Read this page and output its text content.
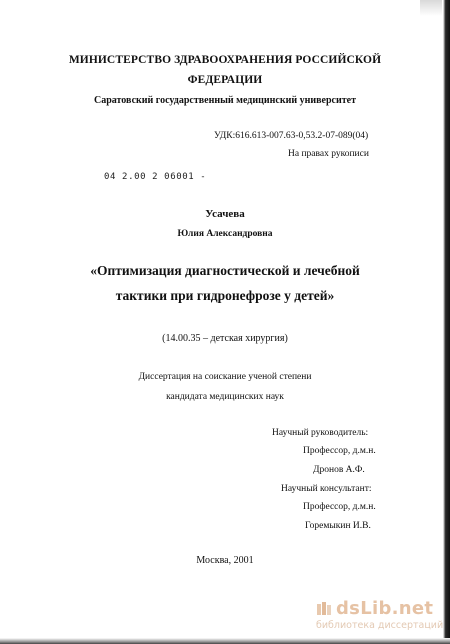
МИНИСТЕРСТВО ЗДРАВООХРАНЕНИЯ РОССИЙСКОЙ
ФЕДЕРАЦИИ
Саратовский государственный медицинский университет
УДК:616.613-007.63-0,53.2-07-089(04)
На правах рукописи
04 2.00 2 06001 -
Усачева
Юлия Александровна
«Оптимизация диагностической и лечебной
тактики при гидронефрозе у детей»
(14.00.35 – детская хирургия)
Диссертация на соискание ученой степени
кандидата медицинских наук
Научный руководитель:
Профессор, д.м.н.
Дронов А.Ф.
Научный консультант:
Профессор, д.м.н.
Горемыкин И.В.
Москва, 2001
dsLib.net
библиотека диссертаций
